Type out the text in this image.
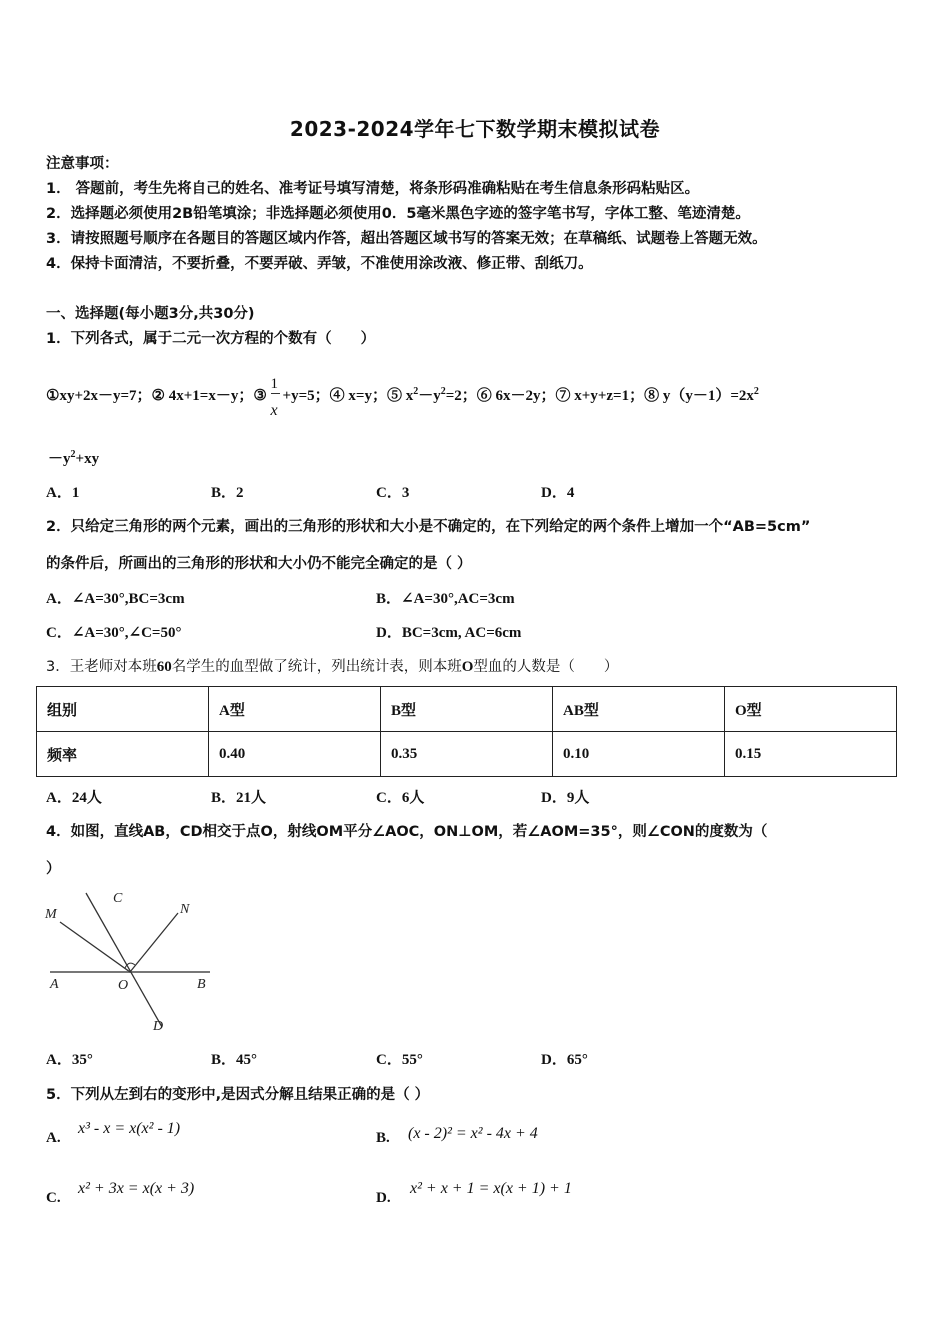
2023-2024学年七下数学期末模拟试卷
注意事项：
1． 答题前，考生先将自己的姓名、准考证号填写清楚，将条形码准确粘贴在考生信息条形码粘贴区。
2．选择题必须使用2B铅笔填涂；非选择题必须使用0．5毫米黑色字迹的签字笔书写，字体工整、笔迹清楚。
3．请按照题号顺序在各题目的答题区域内作答，超出答题区域书写的答案无效；在草稿纸、试题卷上答题无效。
4．保持卡面清洁，不要折叠，不要弄破、弄皱，不准使用涂改液、修正带、刮纸刀。
一、选择题(每小题3分,共30分)
1．下列各式，属于二元一次方程的个数有（　　）
①xy+2x－y=7；② 4x+1=x－y；③
$\frac{1}{x}$
+y=5；④ x=y；⑤ $x^2-y^2=2$；⑥ 6x－2y；⑦ x+y+z=1；⑧ $y(y-1)=2x^2$
$-y^2+xy$
A．1	B．2	C．3	D．4
2．只给定三角形的两个元素，画出的三角形的形状和大小是不确定的，在下列给定的两个条件上增加一个“AB=5cm”
的条件后，所画出的三角形的形状和大小仍不能完全确定的是（ ）
A．∠A=30°,BC=3cm	B．∠A=30°,AC=3cm
C．∠A=30°,∠C=50°	D．BC=3cm, AC=6cm
3．王老师对本班60名学生的血型做了统计，列出统计表，则本班O型血的人数是（　　）
组别	A型	B型	AB型	O型
频率	0.40	0.35	0.10	0.15
A．24人	B．21人	C．6人	D．9人
4．如图，直线AB，CD相交于点O，射线OM平分∠AOC，ON⊥OM，若∠AOM=35°，则∠CON的度数为（
）
M
C
N
A	O	B
D
A．35°	B．45°	C．55°	D．65°
5．下列从左到右的变形中,是因式分解且结果正确的是（ ）
A.
x³ - x = x(x² - 1)
B. (x - 2)² = x² - 4x + 4
C.
x² + 3x = x(x + 3)
D.
x² + x + 1 = x(x + 1) + 1
